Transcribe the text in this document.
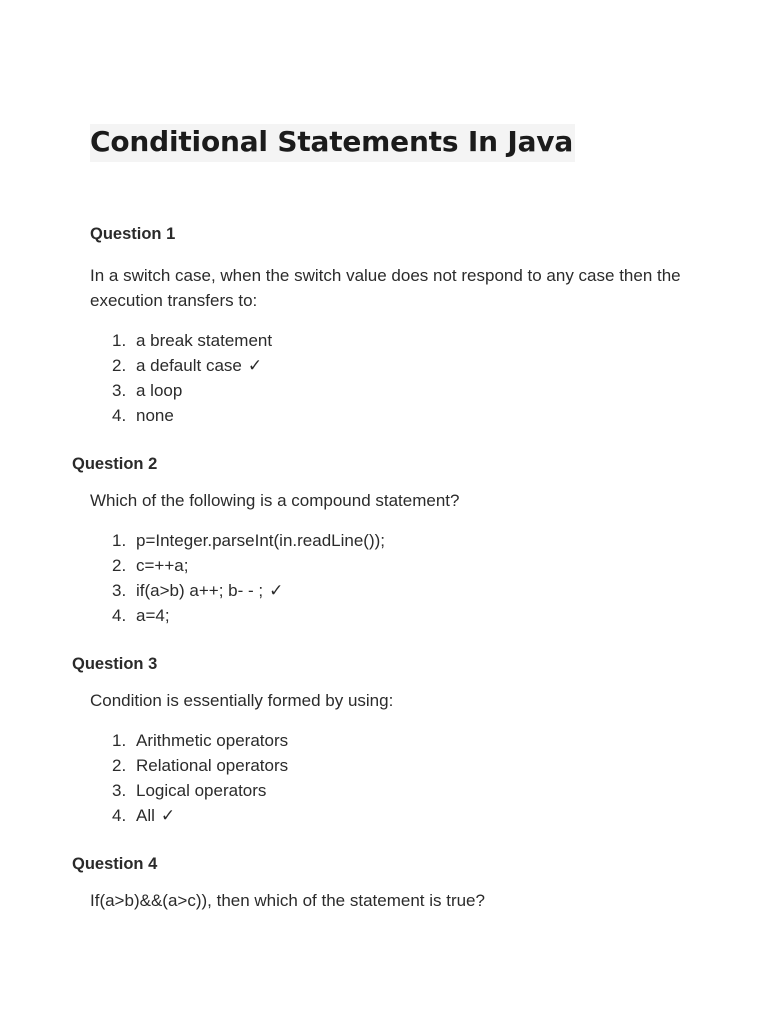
Conditional Statements In Java
Question 1

In a switch case, when the switch value does not respond to any case then the execution transfers to:

1. a break statement
2. a default case ✓
3. a loop
4. none
Question 2

Which of the following is a compound statement?

1. p=Integer.parseInt(in.readLine());
2. c=++a;
3. if(a>b) a++; b- - ; ✓
4. a=4;
Question 3

Condition is essentially formed by using:

1. Arithmetic operators
2. Relational operators
3. Logical operators
4. All ✓
Question 4

If(a>b)&&(a>c)), then which of the statement is true?
